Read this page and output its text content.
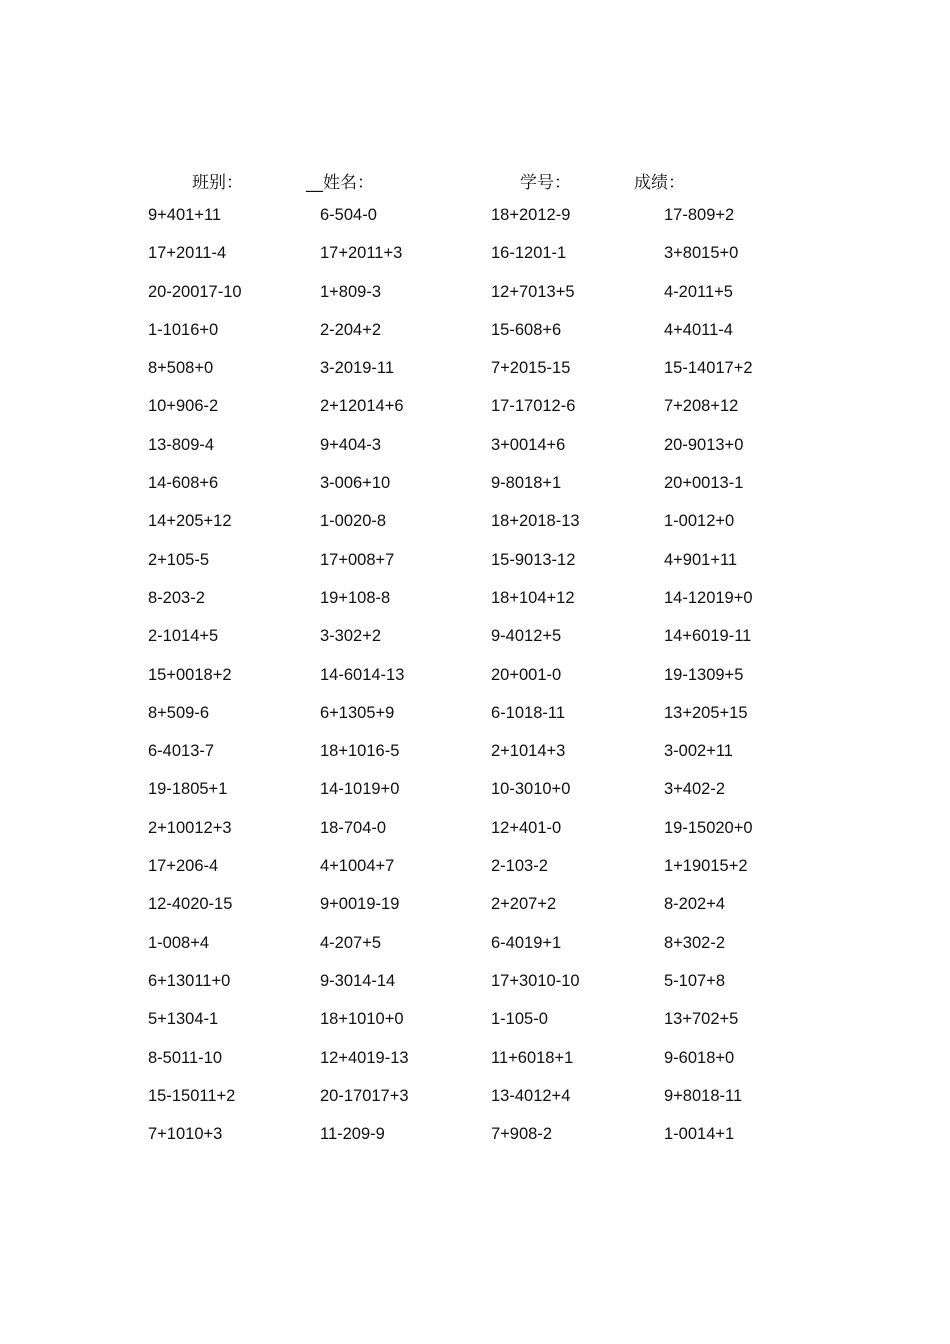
班别：	__姓名：	学号：	成绩：
9+401+11	6-504-0	18+2012-9	17-809+2
17+2011-4	17+2011+3	16-1201-1	3+8015+0
20-20017-10	1+809-3	12+7013+5	4-2011+5
1-1016+0	2-204+2	15-608+6	4+4011-4
8+508+0	3-2019-11	7+2015-15	15-14017+2
10+906-2	2+12014+6	17-17012-6	7+208+12
13-809-4	9+404-3	3+0014+6	20-9013+0
14-608+6	3-006+10	9-8018+1	20+0013-1
14+205+12	1-0020-8	18+2018-13	1-0012+0
2+105-5	17+008+7	15-9013-12	4+901+11
8-203-2	19+108-8	18+104+12	14-12019+0
2-1014+5	3-302+2	9-4012+5	14+6019-11
15+0018+2	14-6014-13	20+001-0	19-1309+5
8+509-6	6+1305+9	6-1018-11	13+205+15
6-4013-7	18+1016-5	2+1014+3	3-002+11
19-1805+1	14-1019+0	10-3010+0	3+402-2
2+10012+3	18-704-0	12+401-0	19-15020+0
17+206-4	4+1004+7	2-103-2	1+19015+2
12-4020-15	9+0019-19	2+207+2	8-202+4
1-008+4	4-207+5	6-4019+1	8+302-2
6+13011+0	9-3014-14	17+3010-10	5-107+8
5+1304-1	18+1010+0	1-105-0	13+702+5
8-5011-10	12+4019-13	11+6018+1	9-6018+0
15-15011+2	20-17017+3	13-4012+4	9+8018-11
7+1010+3	11-209-9	7+908-2	1-0014+1
